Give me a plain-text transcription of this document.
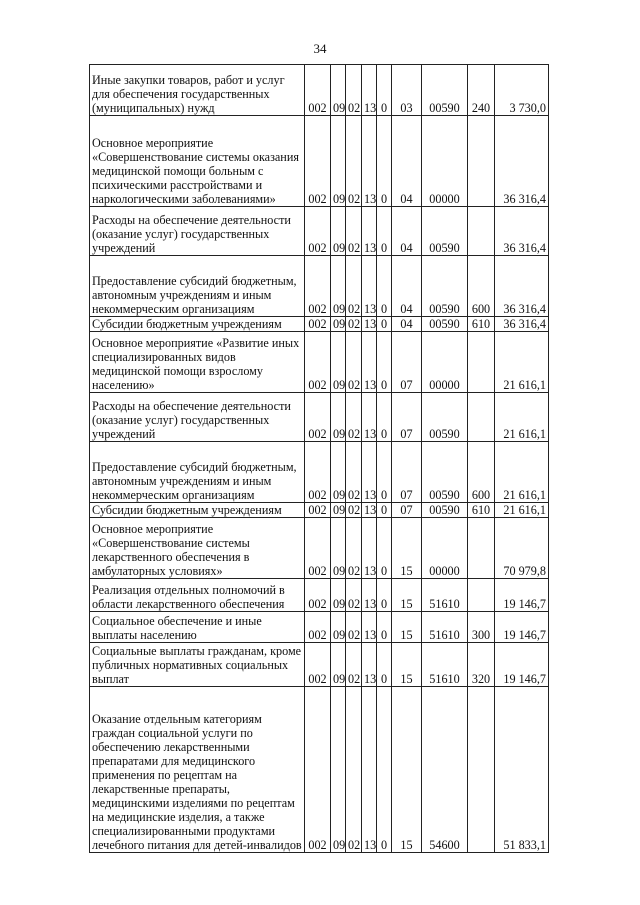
34
Иные закупки товаров, работ и услуг для обеспечения государственных (муниципальных) нужд	002	09	02	13	0	03	00590	240	3 730,0
Основное мероприятие «Совершенствование системы оказания медицинской помощи больным с психическими расстройствами и наркологическими заболеваниями»	002	09	02	13	0	04	00000		36 316,4
Расходы на обеспечение деятельности (оказание услуг) государственных учреждений	002	09	02	13	0	04	00590		36 316,4
Предоставление субсидий бюджетным, автономным учреждениям и иным некоммерческим организациям	002	09	02	13	0	04	00590	600	36 316,4
Субсидии бюджетным учреждениям	002	09	02	13	0	04	00590	610	36 316,4
Основное мероприятие «Развитие иных специализированных видов медицинской помощи взрослому населению»	002	09	02	13	0	07	00000		21 616,1
Расходы на обеспечение деятельности (оказание услуг) государственных учреждений	002	09	02	13	0	07	00590		21 616,1
Предоставление субсидий бюджетным, автономным учреждениям и иным некоммерческим организациям	002	09	02	13	0	07	00590	600	21 616,1
Субсидии бюджетным учреждениям	002	09	02	13	0	07	00590	610	21 616,1
Основное мероприятие «Совершенствование системы лекарственного обеспечения в амбулаторных условиях»	002	09	02	13	0	15	00000		70 979,8
Реализация отдельных полномочий в области лекарственного обеспечения	002	09	02	13	0	15	51610		19 146,7
Социальное обеспечение и иные выплаты населению	002	09	02	13	0	15	51610	300	19 146,7
Социальные выплаты гражданам, кроме публичных нормативных социальных выплат	002	09	02	13	0	15	51610	320	19 146,7
Оказание отдельным категориям граждан социальной услуги по обеспечению лекарственными препаратами для медицинского применения по рецептам на лекарственные препараты, медицинскими изделиями по рецептам на медицинские изделия, а также специализированными продуктами лечебного питания для детей-инвалидов	002	09	02	13	0	15	54600		51 833,1
